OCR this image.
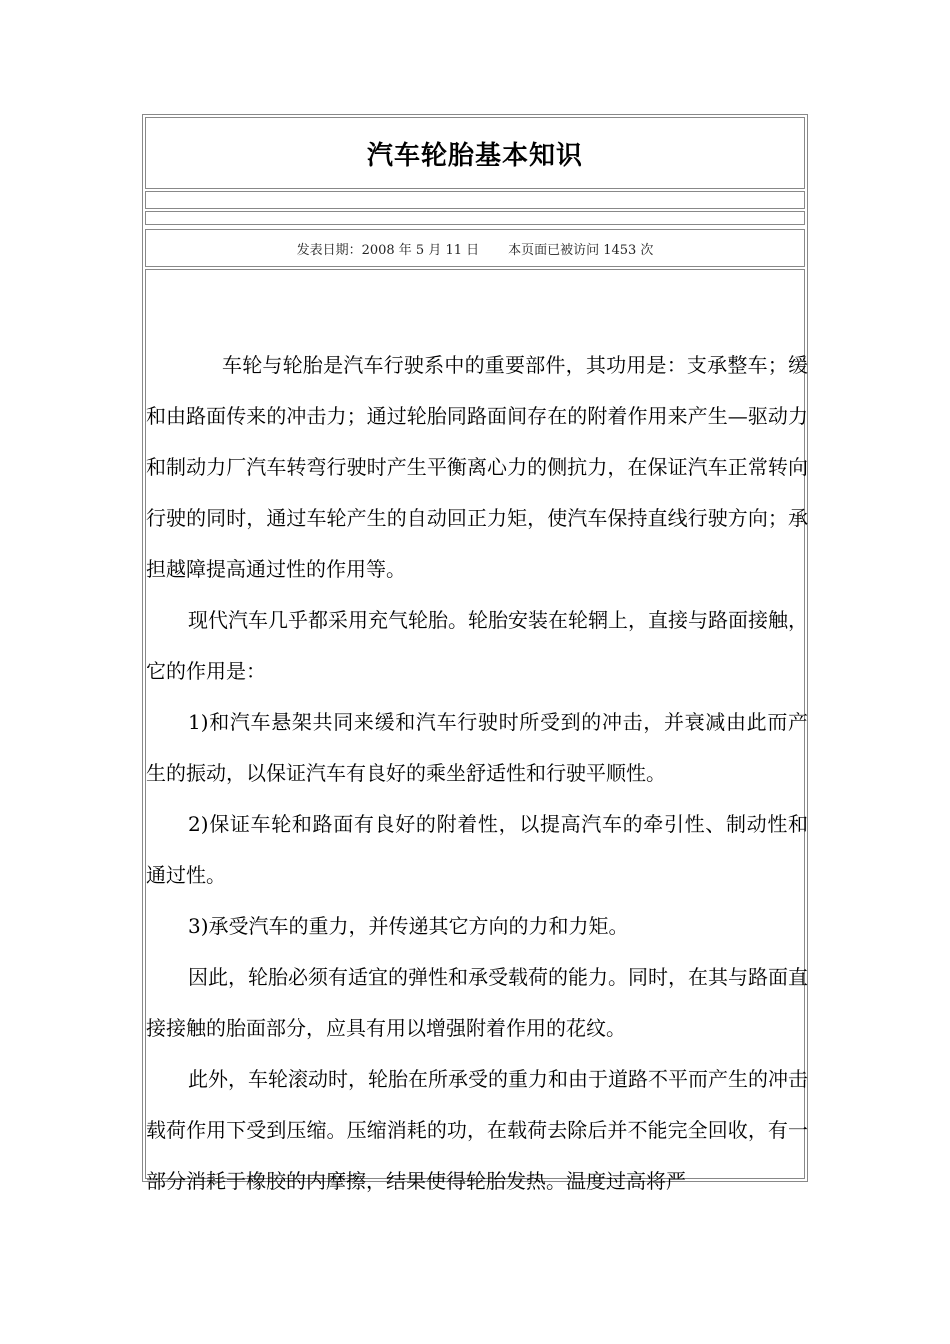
汽车轮胎基本知识
发表日期：2008 年 5 月 11 日
本页面已被访问 1453 次

车轮与轮胎是汽车行驶系中的重要部件，其功用是：支承整车；缓和由路面传来的冲击力；通过轮胎同路面间存在的附着作用来产生—驱动力和制动力厂汽车转弯行驶时产生平衡离心力的侧抗力，在保证汽车正常转向行驶的同时，通过车轮产生的自动回正力矩，使汽车保持直线行驶方向；承担越障提高通过性的作用等。

现代汽车几乎都采用充气轮胎。轮胎安装在轮辋上，直接与路面接触，它的作用是：

1)和汽车悬架共同来缓和汽车行驶时所受到的冲击，并衰减由此而产生的振动，以保证汽车有良好的乘坐舒适性和行驶平顺性。

2)保证车轮和路面有良好的附着性，以提高汽车的牵引性、制动性和通过性。

3)承受汽车的重力，并传递其它方向的力和力矩。

因此，轮胎必须有适宜的弹性和承受载荷的能力。同时，在其与路面直接接触的胎面部分，应具有用以增强附着作用的花纹。

此外，车轮滚动时，轮胎在所承受的重力和由于道路不平而产生的冲击载荷作用下受到压缩。压缩消耗的功，在载荷去除后并不能完全回收，有一部分消耗于橡胶的内摩擦，结果使得轮胎发热。温度过高将严
